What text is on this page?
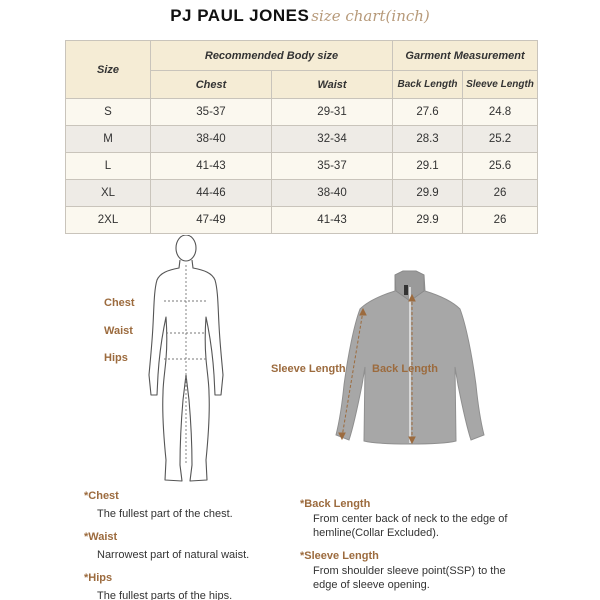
PJ PAUL JONES size chart(inch)
Size	Recommended Body size		Garment Measurement	
	Chest	Waist	Back Length	Sleeve Length
S	35-37	29-31	27.6	24.8
M	38-40	32-34	28.3	25.2
L	41-43	35-37	29.1	25.6
XL	44-46	38-40	29.9	26
2XL	47-49	41-43	29.9	26
Chest
Waist
Hips
Sleeve Length Back Length
*Chest
The fullest part of the chest.
*Waist
Narrowest part of natural waist.
*Hips
The fullest parts of the hips.
*Back Length
From center back of neck to the edge of hemline(Collar Excluded).
*Sleeve Length
From shoulder sleeve point(SSP) to the edge of sleeve opening.
